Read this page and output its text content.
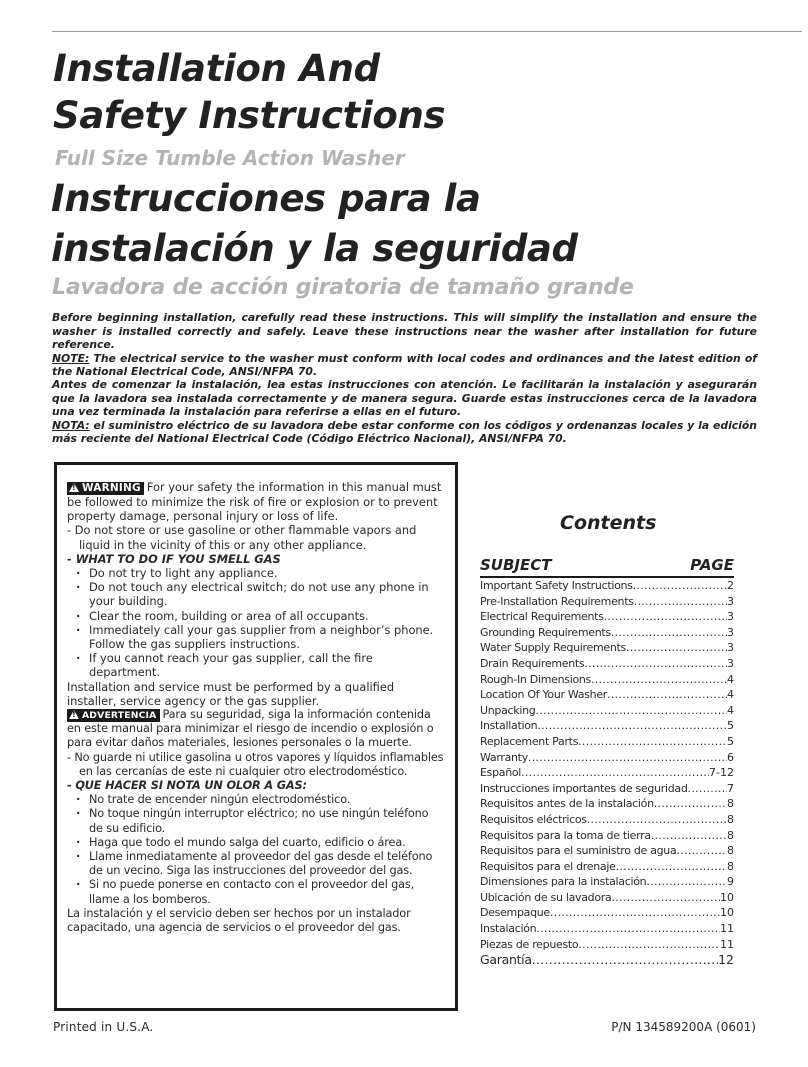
Installation And
Safety Instructions
Full Size Tumble Action Washer
Instrucciones para la
instalación y la seguridad
Lavadora de acción giratoria de tamaño grande

Before beginning installation, carefully read these instructions. This will simplify the installation and ensure the washer is installed correctly and safely. Leave these instructions near the washer after installation for future reference.

NOTE: The electrical service to the washer must conform with local codes and ordinances and the latest edition of the National Electrical Code, ANSI/NFPA 70.

Antes de comenzar la instalación, lea estas instrucciones con atención. Le facilitarán la instalación y asegurarán que la lavadora sea instalada correctamente y de manera segura. Guarde estas instrucciones cerca de la lavadora una vez terminada la instalación para referirse a ellas en el futuro.

NOTA: el suministro eléctrico de su lavadora debe estar conforme con los códigos y ordenanzas locales y la edición más reciente del National Electrical Code (Código Eléctrico Nacional), ANSI/NFPA 70.

!WARNING For your safety the information in this manual must be followed to minimize the risk of fire or explosion or to prevent property damage, personal injury or loss of life.

- Do not store or use gasoline or other flammable vapors and liquid in the vicinity of this or any other appliance.

- WHAT TO DO IF YOU SMELL GAS

· Do not try to light any appliance.
· Do not touch any electrical switch; do not use any phone in your building.
· Clear the room, building or area of all occupants.
· Immediately call your gas supplier from a neighbor’s phone. Follow the gas suppliers instructions.
· If you cannot reach your gas supplier, call the fire department.

Installation and service must be performed by a qualified installer, service agency or the gas supplier.

!ADVERTENCIA Para su seguridad, siga la información contenida en este manual para minimizar el riesgo de incendio o explosión o para evitar daños materiales, lesiones personales o la muerte.

- No guarde ni utilice gasolina u otros vapores y líquidos inflamables en las cercanías de este ni cualquier otro electrodoméstico.

- QUE HACER SI NOTA UN OLOR A GAS:

· No trate de encender ningún electrodoméstico.
· No toque ningún interruptor eléctrico; no use ningún teléfono de su edificio.
· Haga que todo el mundo salga del cuarto, edificio o área.
· Llame inmediatamente al proveedor del gas desde el teléfono de un vecino. Siga las instrucciones del proveedor del gas.
· Si no puede ponerse en contacto con el proveedor del gas, llame a los bomberos.

La instalación y el servicio deben ser hechos por un instalador capacitado, una agencia de servicios o el proveedor del gas.

Contents
SUBJECT	PAGE
Important Safety Instructions .....	2
Pre-Installation Requirements .....	3
Electrical Requirements .....	3
Grounding Requirements .....	3
Water Supply Requirements .....	3
Drain Requirements .....	3
Rough-In Dimensions .....	4
Location Of Your Washer .....	4
Unpacking .....	4
Installation .....	5
Replacement Parts .....	5
Warranty .....	6
Español .....	7-12
Instrucciones importantes de seguridad .....	7
Requisitos antes de la instalación .....	8
Requisitos eléctricos .....	8
Requisitos para la toma de tierra .....	8
Requisitos para el suministro de agua .....	8
Requisitos para el drenaje .....	8
Dimensiones para la instalación .....	9
Ubicación de su lavadora .....	10
Desempaque .....	10
Instalación .....	11
Piezas de repuesto .....	11
Garantía .....	12
Printed in U.S.A.	P/N 134589200A (0601)
